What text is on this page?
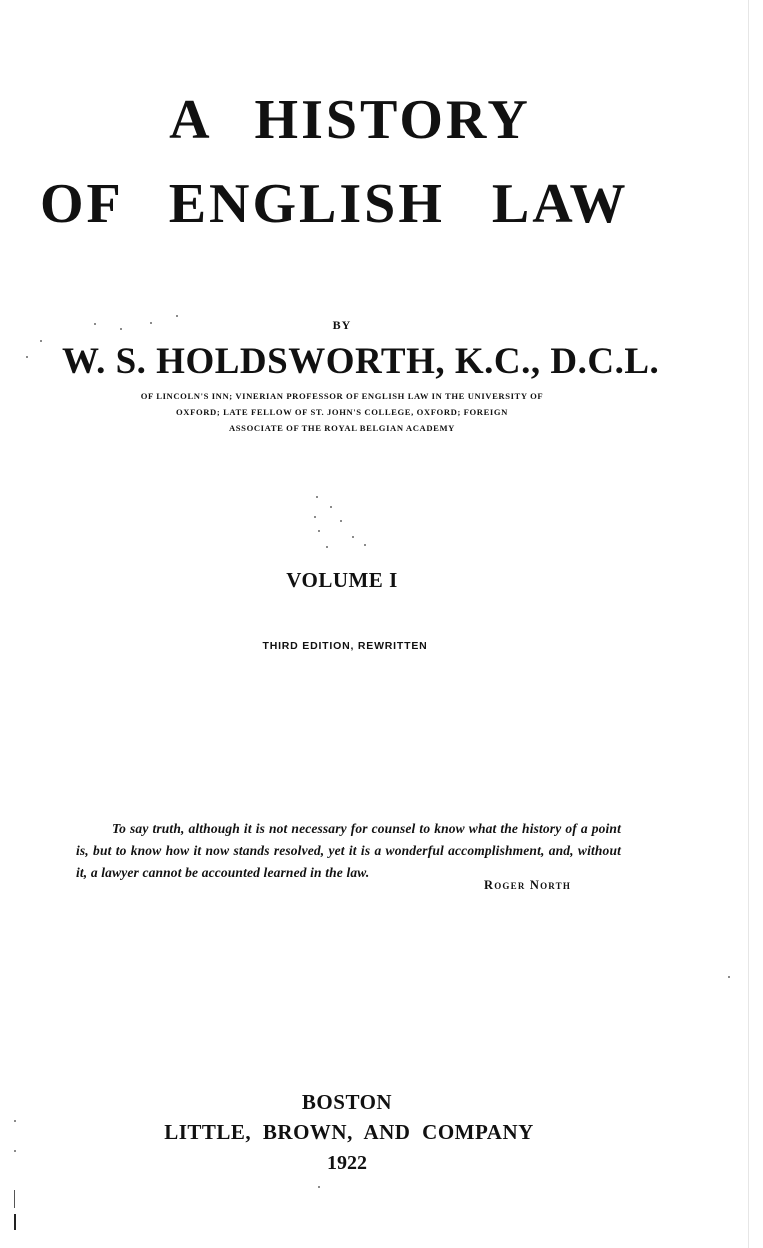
A HISTORY
OF ENGLISH LAW
BY
W. S. HOLDSWORTH, K.C., D.C.L.
OF LINCOLN'S INN; VINERIAN PROFESSOR OF ENGLISH LAW IN THE UNIVERSITY OF
OXFORD; LATE FELLOW OF ST. JOHN'S COLLEGE, OXFORD; FOREIGN
ASSOCIATE OF THE ROYAL BELGIAN ACADEMY
VOLUME I
THIRD EDITION, REWRITTEN
To say truth, although it is not necessary for counsel to know what the history of a point is, but to know how it now stands resolved, yet it is a wonderful accomplishment, and, without it, a lawyer cannot be accounted learned in the law.
Roger North
BOSTON
LITTLE, BROWN, AND COMPANY
1922
